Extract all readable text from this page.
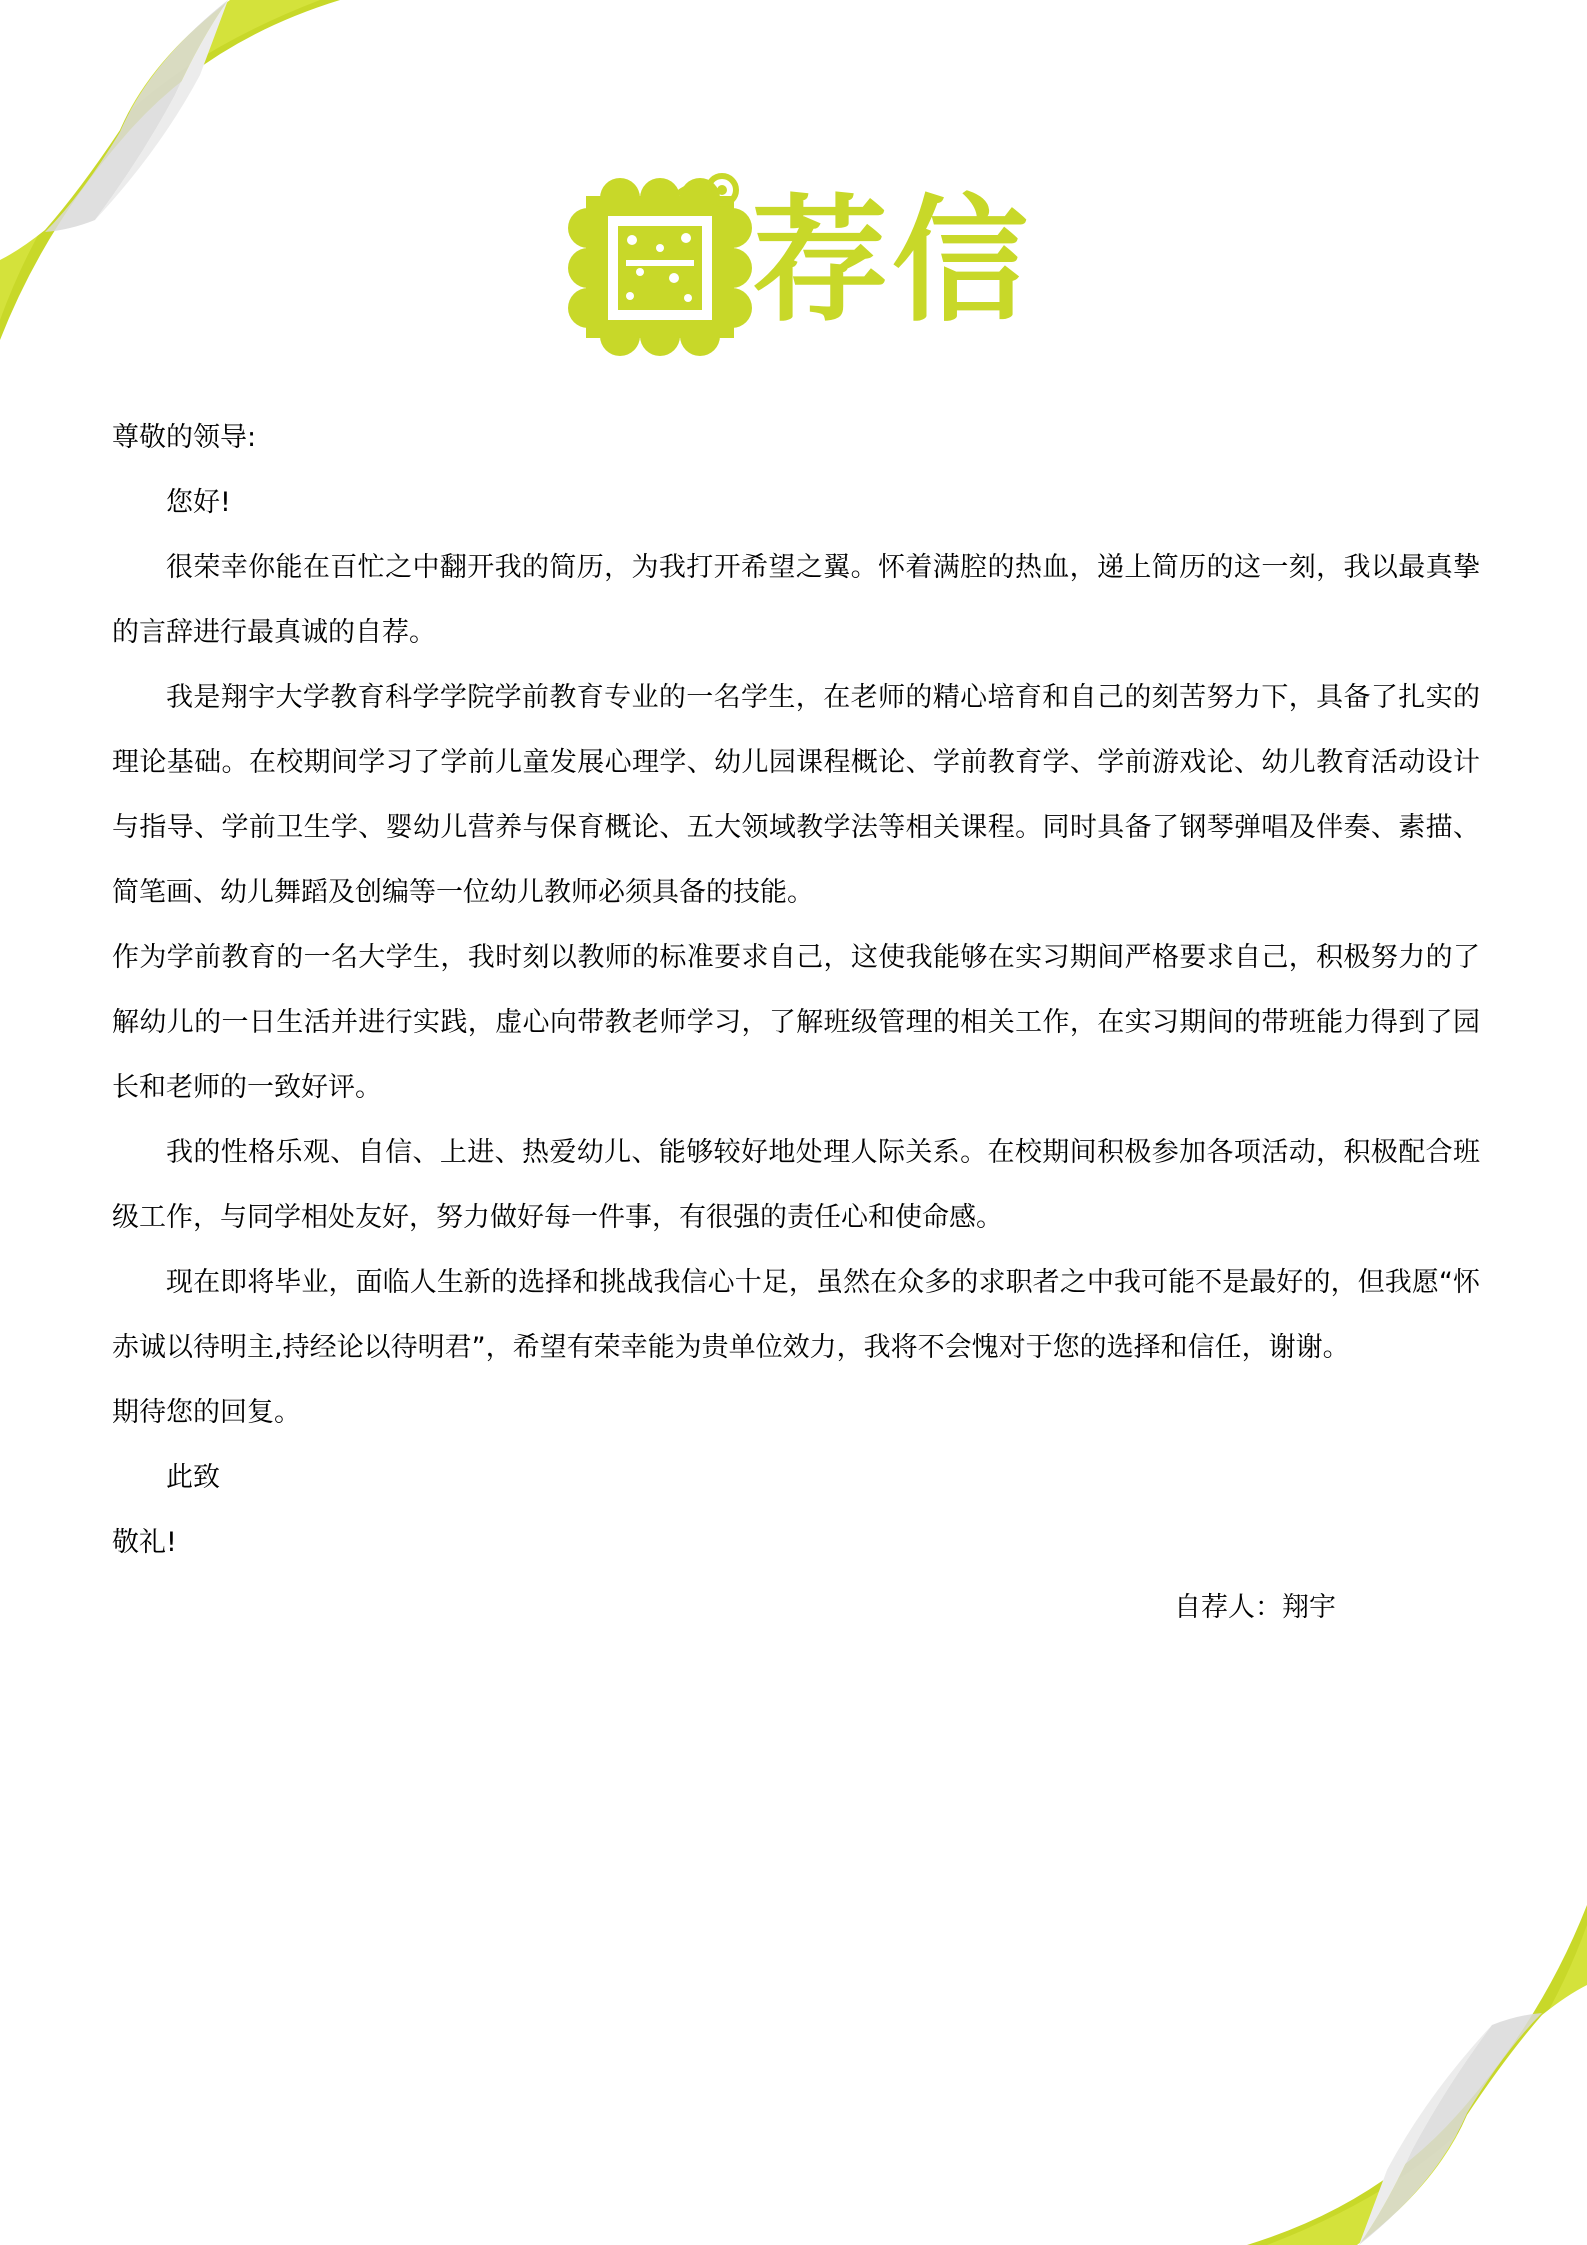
荐信

尊敬的领导:

您好!

很荣幸你能在百忙之中翻开我的简历，为我打开希望之翼。怀着满腔的热血，递上简历的这一刻，我以最真挚的言辞进行最真诚的自荐。

我是翔宇大学教育科学学院学前教育专业的一名学生，在老师的精心培育和自己的刻苦努力下，具备了扎实的理论基础。在校期间学习了学前儿童发展心理学、幼儿园课程概论、学前教育学、学前游戏论、幼儿教育活动设计与指导、学前卫生学、婴幼儿营养与保育概论、五大领域教学法等相关课程。同时具备了钢琴弹唱及伴奏、素描、简笔画、幼儿舞蹈及创编等一位幼儿教师必须具备的技能。

作为学前教育的一名大学生，我时刻以教师的标准要求自己，这使我能够在实习期间严格要求自己，积极努力的了解幼儿的一日生活并进行实践，虚心向带教老师学习，了解班级管理的相关工作，在实习期间的带班能力得到了园长和老师的一致好评。

我的性格乐观、自信、上进、热爱幼儿、能够较好地处理人际关系。在校期间积极参加各项活动，积极配合班级工作，与同学相处友好，努力做好每一件事，有很强的责任心和使命感。

现在即将毕业，面临人生新的选择和挑战我信心十足，虽然在众多的求职者之中我可能不是最好的，但我愿“怀赤诚以待明主,持经论以待明君”，希望有荣幸能为贵单位效力，我将不会愧对于您的选择和信任，谢谢。

期待您的回复。

此致

敬礼!

自荐人：翔宇
